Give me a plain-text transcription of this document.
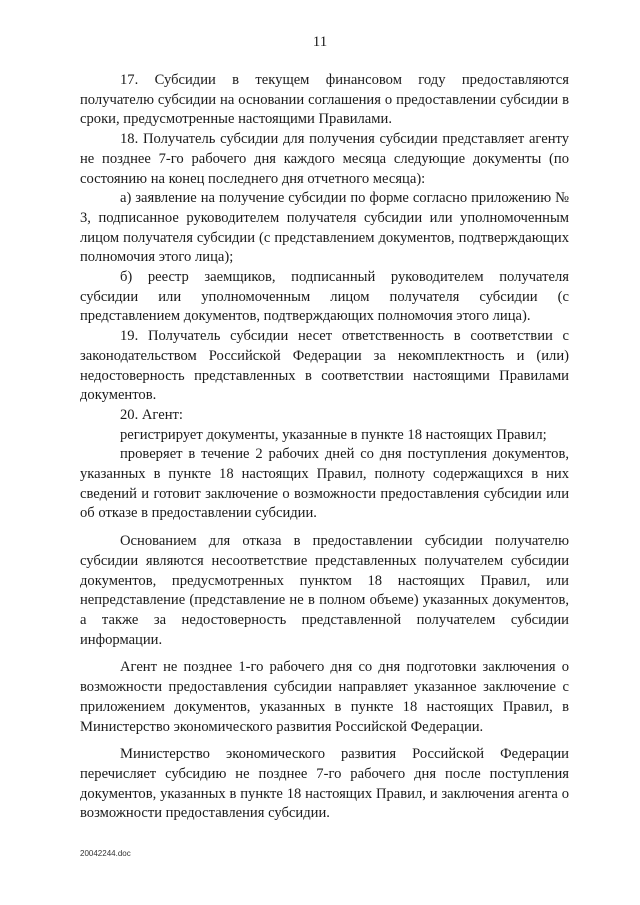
11

17. Субсидии в текущем финансовом году предоставляются получателю субсидии на основании соглашения о предоставлении субсидии в сроки, предусмотренные настоящими Правилами.

18. Получатель субсидии для получения субсидии представляет агенту не позднее 7-го рабочего дня каждого месяца следующие документы (по состоянию на конец последнего дня отчетного месяца):

а) заявление на получение субсидии по форме согласно приложению № 3, подписанное руководителем получателя субсидии или уполномоченным лицом получателя субсидии (с представлением документов, подтверждающих полномочия этого лица);

б) реестр заемщиков, подписанный руководителем получателя субсидии или уполномоченным лицом получателя субсидии (с представлением документов, подтверждающих полномочия этого лица).

19. Получатель субсидии несет ответственность в соответствии с законодательством Российской Федерации за некомплектность и (или) недостоверность представленных в соответствии настоящими Правилами документов.

20. Агент:

регистрирует документы, указанные в пункте 18 настоящих Правил;

проверяет в течение 2 рабочих дней со дня поступления документов, указанных в пункте 18 настоящих Правил, полноту содержащихся в них сведений и готовит заключение о возможности предоставления субсидии или об отказе в предоставлении субсидии.

Основанием для отказа в предоставлении субсидии получателю субсидии являются несоответствие представленных получателем субсидии документов, предусмотренных пунктом 18 настоящих Правил, или непредставление (представление не в полном объеме) указанных документов, а также за недостоверность представленной получателем субсидии информации.

Агент не позднее 1-го рабочего дня со дня подготовки заключения о возможности предоставления субсидии направляет указанное заключение с приложением документов, указанных в пункте 18 настоящих Правил, в Министерство экономического развития Российской Федерации.

Министерство экономического развития Российской Федерации перечисляет субсидию не позднее 7-го рабочего дня после поступления документов, указанных в пункте 18 настоящих Правил, и заключения агента о возможности предоставления субсидии.

20042244.doc
